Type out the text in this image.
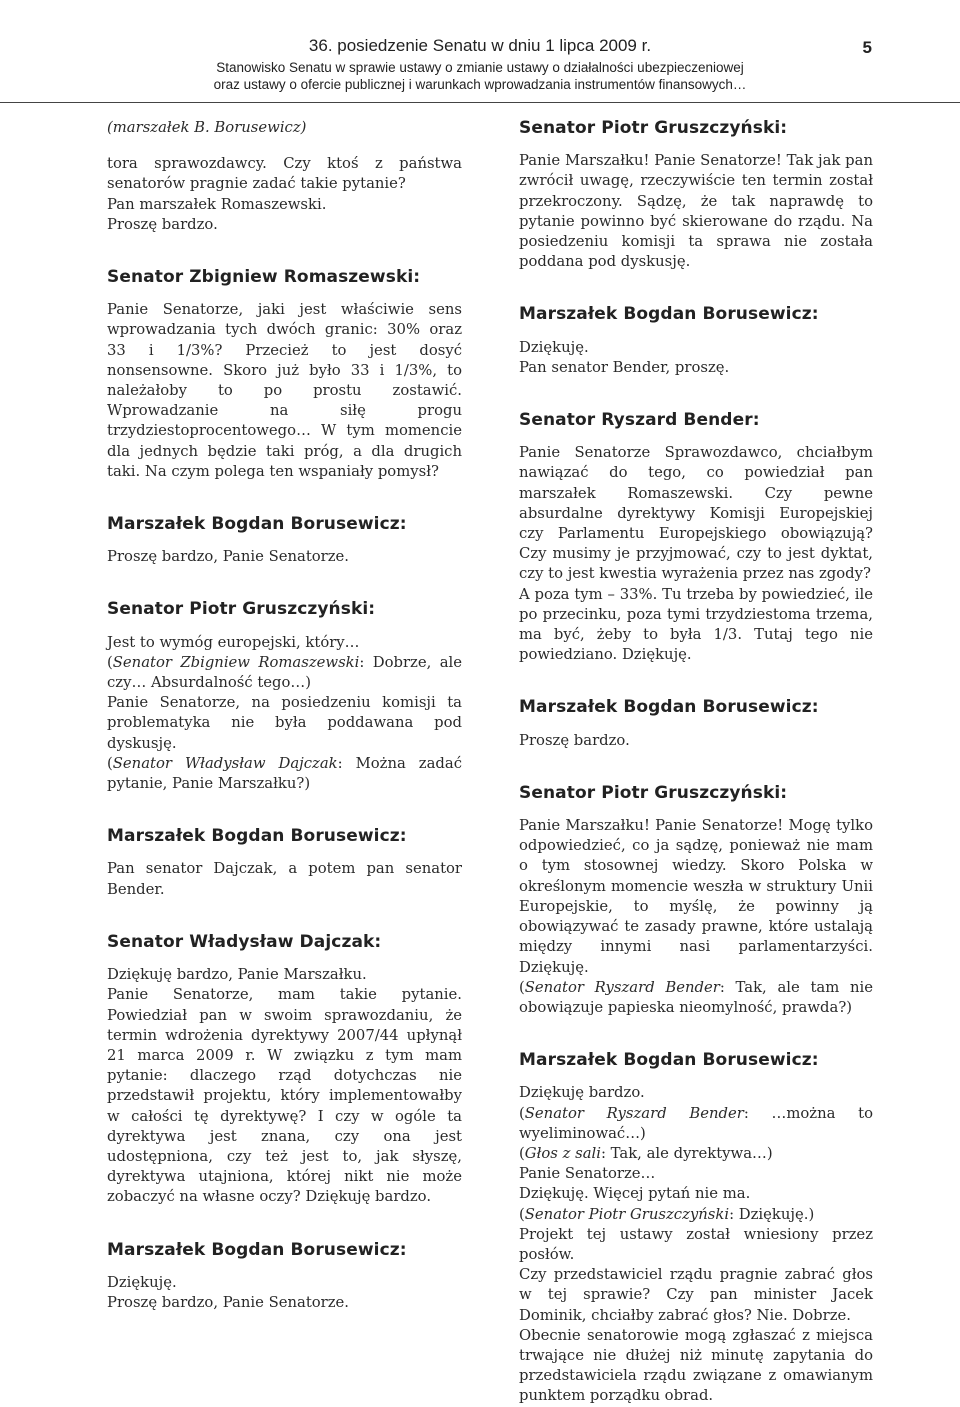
36. posiedzenie Senatu w dniu 1 lipca 2009 r.
Stanowisko Senatu w sprawie ustawy o zmianie ustawy o działalności ubezpieczeniowej
oraz ustawy o ofercie publicznej i warunkach wprowadzania instrumentów finansowych…
5

(marszałek B. Borusewicz)

tora sprawozdawcy. Czy ktoś z państwa senatorów pragnie zadać takie pytanie?

Pan marszałek Romaszewski.

Proszę bardzo.

Senator Zbigniew Romaszewski:

Panie Senatorze, jaki jest właściwie sens wprowadzania tych dwóch granic: 30% oraz 33 i 1/3%? Przecież to jest dosyć nonsensowne. Skoro już było 33 i 1/3%, to należałoby to po prostu zostawić. Wprowadzanie na siłę progu trzydziestoprocentowego… W tym momencie dla jednych będzie taki próg, a dla drugich taki. Na czym polega ten wspaniały pomysł?

Marszałek Bogdan Borusewicz:

Proszę bardzo, Panie Senatorze.

Senator Piotr Gruszczyński:

Jest to wymóg europejski, który…

(Senator Zbigniew Romaszewski: Dobrze, ale czy… Absurdalność tego…)

Panie Senatorze, na posiedzeniu komisji ta problematyka nie była poddawana pod dyskusję.

(Senator Władysław Dajczak: Można zadać pytanie, Panie Marszałku?)

Marszałek Bogdan Borusewicz:

Pan senator Dajczak, a potem pan senator Bender.

Senator Władysław Dajczak:

Dziękuję bardzo, Panie Marszałku.

Panie Senatorze, mam takie pytanie. Powiedział pan w swoim sprawozdaniu, że termin wdrożenia dyrektywy 2007/44 upłynął 21 marca 2009 r. W związku z tym mam pytanie: dlaczego rząd dotychczas nie przedstawił projektu, który implementowałby w całości tę dyrektywę? I czy w ogóle ta dyrektywa jest znana, czy ona jest udostępniona, czy też jest to, jak słyszę, dyrektywa utajniona, której nikt nie może zobaczyć na własne oczy? Dziękuję bardzo.

Marszałek Bogdan Borusewicz:

Dziękuję.

Proszę bardzo, Panie Senatorze.

Senator Piotr Gruszczyński:

Panie Marszałku! Panie Senatorze! Tak jak pan zwrócił uwagę, rzeczywiście ten termin został przekroczony. Sądzę, że tak naprawdę to pytanie powinno być skierowane do rządu. Na posiedzeniu komisji ta sprawa nie została poddana pod dyskusję.

Marszałek Bogdan Borusewicz:

Dziękuję.

Pan senator Bender, proszę.

Senator Ryszard Bender:

Panie Senatorze Sprawozdawco, chciałbym nawiązać do tego, co powiedział pan marszałek Romaszewski. Czy pewne absurdalne dyrektywy Komisji Europejskiej czy Parlamentu Europejskiego obowiązują? Czy musimy je przyjmować, czy to jest dyktat, czy to jest kwestia wyrażenia przez nas zgody?

A poza tym – 33%. Tu trzeba by powiedzieć, ile po przecinku, poza tymi trzydziestoma trzema, ma być, żeby to była 1/3. Tutaj tego nie powiedziano. Dziękuję.

Marszałek Bogdan Borusewicz:

Proszę bardzo.

Senator Piotr Gruszczyński:

Panie Marszałku! Panie Senatorze! Mogę tylko odpowiedzieć, co ja sądzę, ponieważ nie mam o tym stosownej wiedzy. Skoro Polska w określonym momencie weszła w struktury Unii Europejskie, to myślę, że powinny ją obowiązywać te zasady prawne, które ustalają między innymi nasi parlamentarzyści. Dziękuję.

(Senator Ryszard Bender: Tak, ale tam nie obowiązuje papieska nieomylność, prawda?)

Marszałek Bogdan Borusewicz:

Dziękuję bardzo.

(Senator Ryszard Bender: …można to wyeliminować…)

(Głos z sali: Tak, ale dyrektywa…)

Panie Senatorze…

Dziękuję. Więcej pytań nie ma.

(Senator Piotr Gruszczyński: Dziękuję.)

Projekt tej ustawy został wniesiony przez posłów.

Czy przedstawiciel rządu pragnie zabrać głos w tej sprawie? Czy pan minister Jacek Dominik, chciałby zabrać głos? Nie. Dobrze.

Obecnie senatorowie mogą zgłaszać z miejsca trwające nie dłużej niż minutę zapytania do przedstawiciela rządu związane z omawianym punktem porządku obrad.
